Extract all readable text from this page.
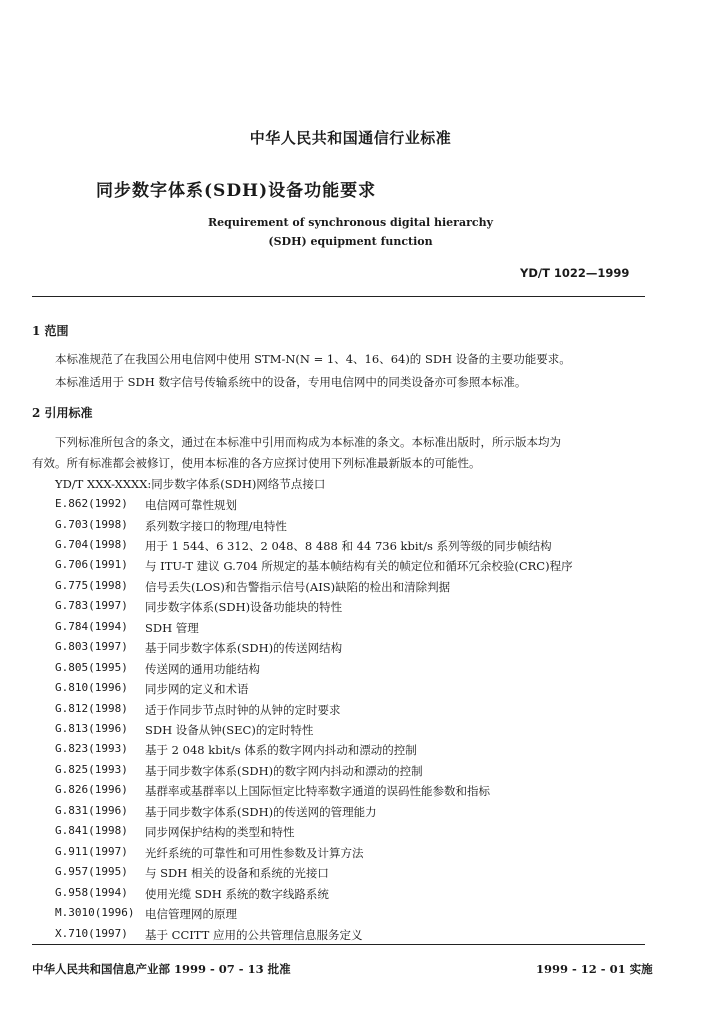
中华人民共和国通信行业标准
同步数字体系(SDH)设备功能要求
Requirement of synchronous digital hierarchy
(SDH) equipment function
YD/T 1022—1999
1 范围
本标准规范了在我国公用电信网中使用 STM-N(N = 1、4、16、64)的 SDH 设备的主要功能要求。
本标准适用于 SDH 数字信号传输系统中的设备，专用电信网中的同类设备亦可参照本标准。
2 引用标准
下列标准所包含的条文，通过在本标准中引用而构成为本标准的条文。本标准出版时，所示版本均为
有效。所有标准都会被修订，使用本标准的各方应探讨使用下列标准最新版本的可能性。
YD/T XXX-XXXX:同步数字体系(SDH)网络节点接口
E.862(1992) 电信网可靠性规划
G.703(1998) 系列数字接口的物理/电特性
G.704(1998) 用于 1 544、6 312、2 048、8 488 和 44 736 kbit/s 系列等级的同步帧结构
G.706(1991) 与 ITU-T 建议 G.704 所规定的基本帧结构有关的帧定位和循环冗余校验(CRC)程序
G.775(1998) 信号丢失(LOS)和告警指示信号(AIS)缺陷的检出和清除判据
G.783(1997) 同步数字体系(SDH)设备功能块的特性
G.784(1994) SDH 管理
G.803(1997) 基于同步数字体系(SDH)的传送网结构
G.805(1995) 传送网的通用功能结构
G.810(1996) 同步网的定义和术语
G.812(1998) 适于作同步节点时钟的从钟的定时要求
G.813(1996) SDH 设备从钟(SEC)的定时特性
G.823(1993) 基于 2 048 kbit/s 体系的数字网内抖动和漂动的控制
G.825(1993) 基于同步数字体系(SDH)的数字网内抖动和漂动的控制
G.826(1996) 基群率或基群率以上国际恒定比特率数字通道的误码性能参数和指标
G.831(1996) 基于同步数字体系(SDH)的传送网的管理能力
G.841(1998) 同步网保护结构的类型和特性
G.911(1997) 光纤系统的可靠性和可用性参数及计算方法
G.957(1995) 与 SDH 相关的设备和系统的光接口
G.958(1994) 使用光缆 SDH 系统的数字线路系统
M.3010(1996) 电信管理网的原理
X.710(1997) 基于 CCITT 应用的公共管理信息服务定义
中华人民共和国信息产业部 1999 - 07 - 13 批准	1999 - 12 - 01 实施
